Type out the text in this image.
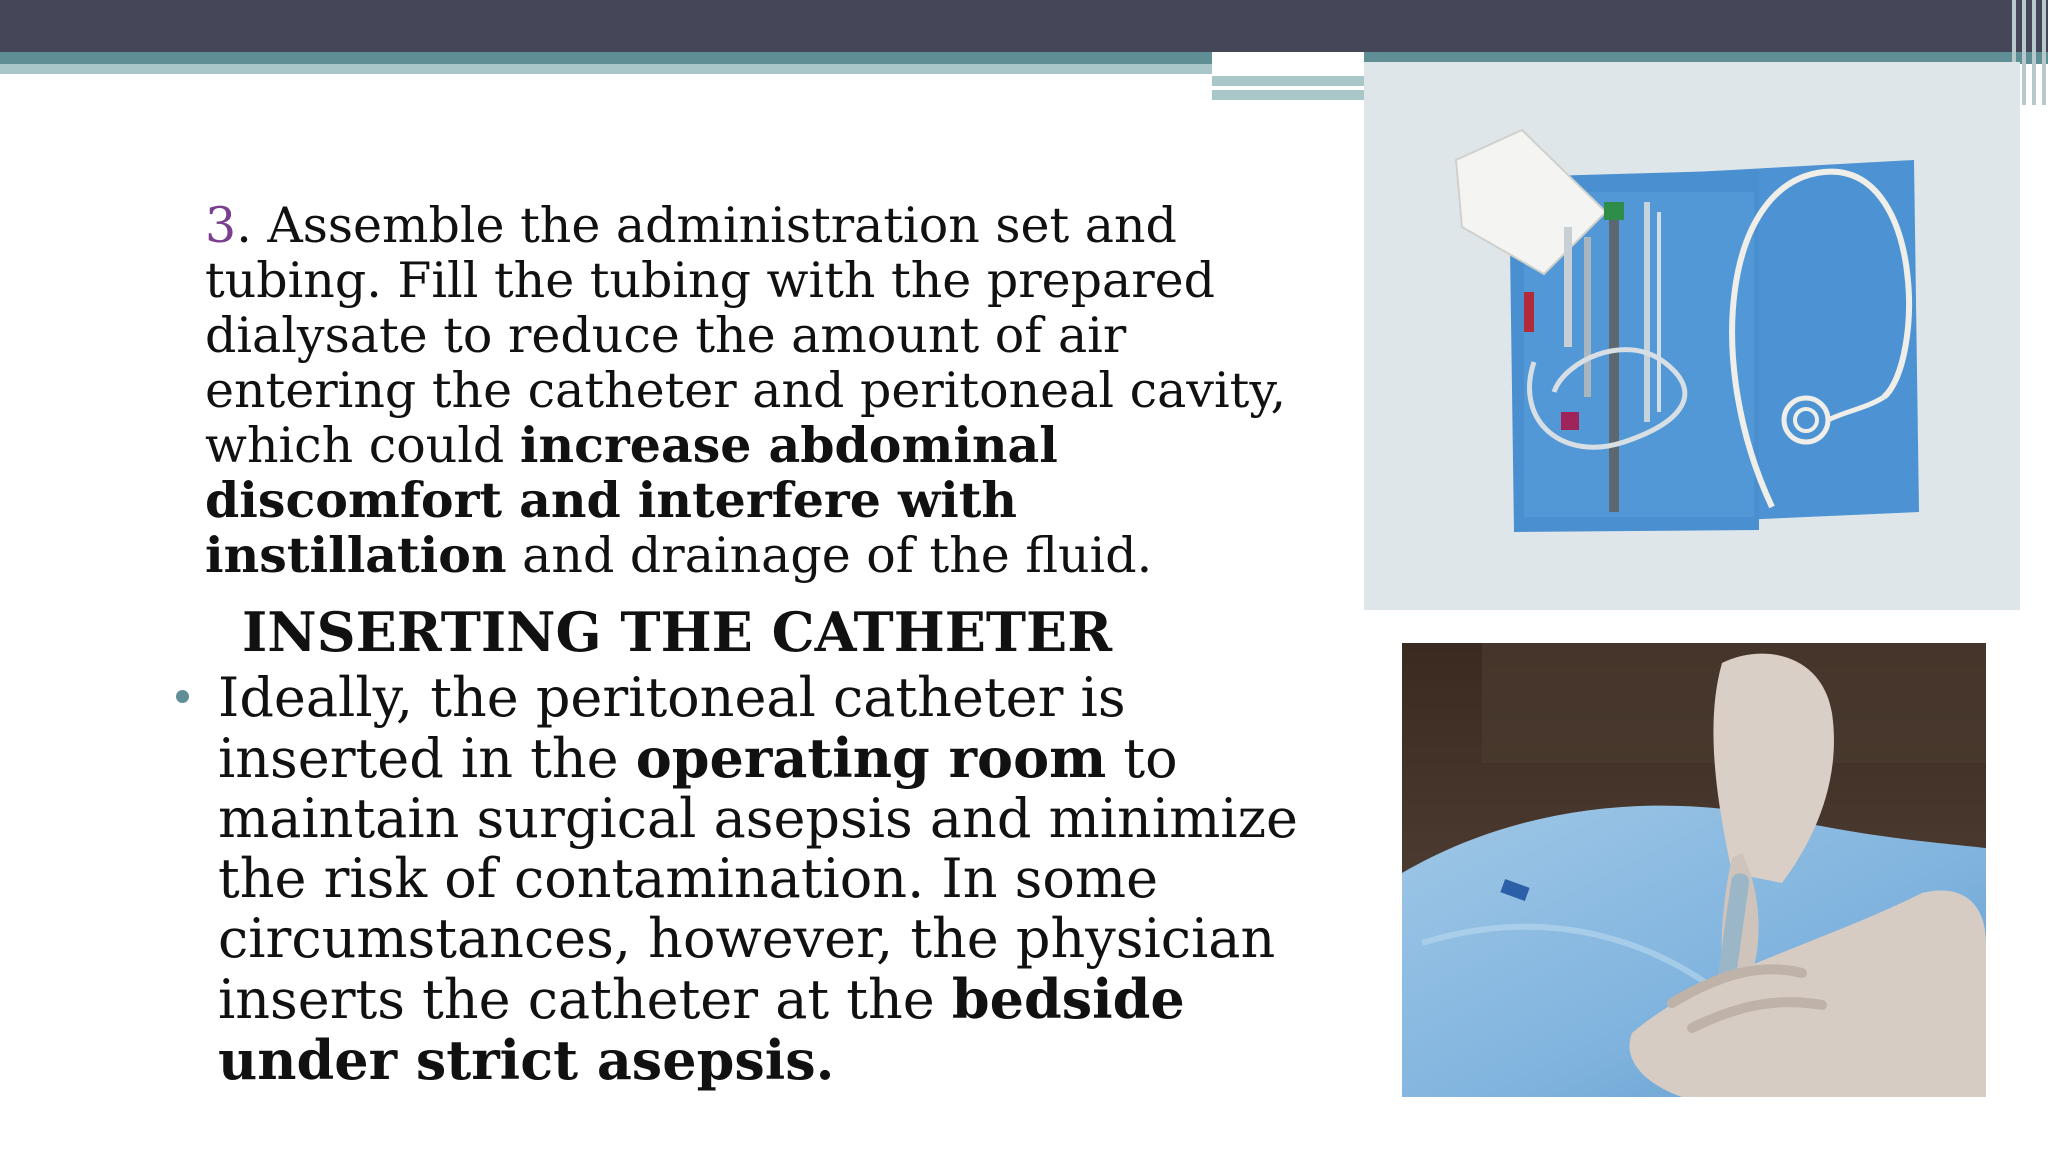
3. Assemble the administration set and tubing. Fill the tubing with the prepared dialysate to reduce the amount of air entering the catheter and peritoneal cavity, which could increase abdominal discomfort and interfere with instillation and drainage of the fluid.
INSERTING THE CATHETER
Ideally, the peritoneal catheter is inserted in the operating room to maintain surgical asepsis and minimize the risk of contamination. In some circumstances, however, the physician inserts the catheter at the bedside under strict asepsis.
